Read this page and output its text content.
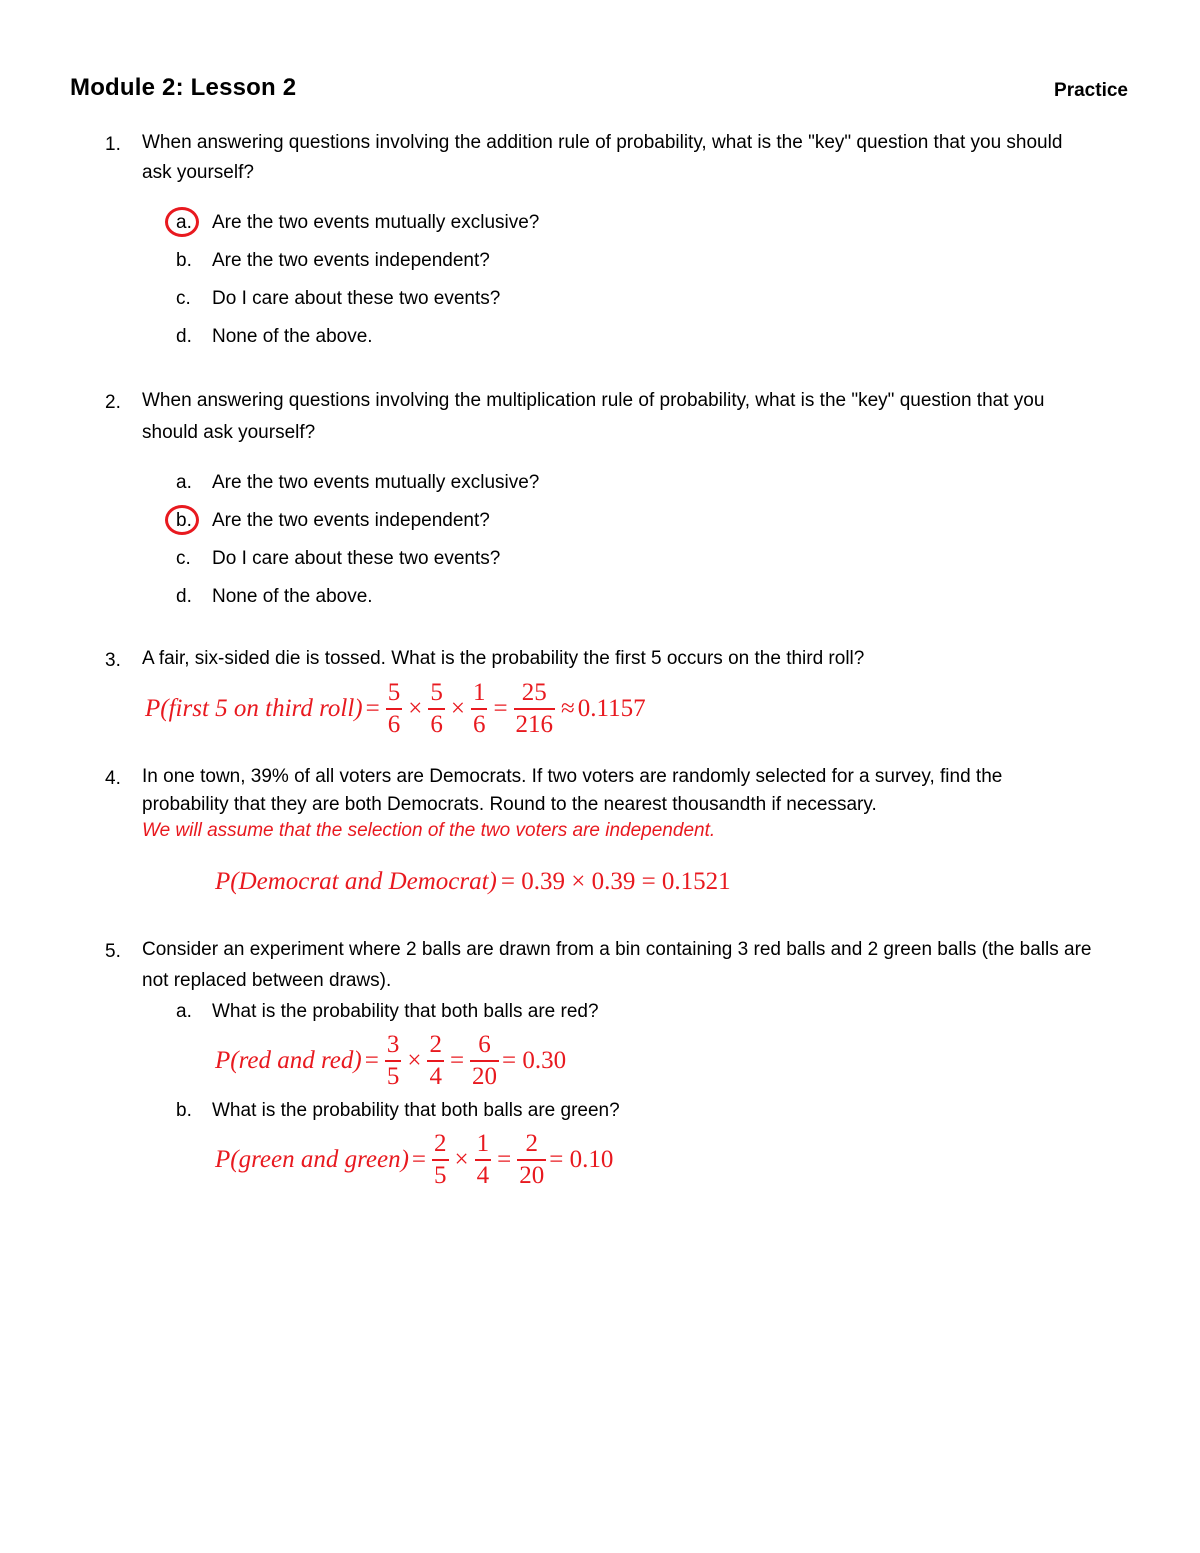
Module 2: Lesson 2	Practice
1. When answering questions involving the addition rule of probability, what is the "key" question that you should
ask yourself?
a. Are the two events mutually exclusive?
b. Are the two events independent?
c. Do I care about these two events?
d. None of the above.
2. When answering questions involving the multiplication rule of probability, what is the "key" question that you
should ask yourself?
a. Are the two events mutually exclusive?
b. Are the two events independent?
c. Do I care about these two events?
d. None of the above.
3. A fair, six-sided die is tossed. What is the probability the first 5 occurs on the third roll?
P(first 5 on third roll) = $\frac{5}{6} \times \frac{5}{6} \times \frac{1}{6} = \frac{25}{216} \approx 0.1157$
4. In one town, 39% of all voters are Democrats. If two voters are randomly selected for a survey, find the
probability that they are both Democrats. Round to the nearest thousandth if necessary.
We will assume that the selection of the two voters are independent.
P(Democrat and Democrat) = 0.39 × 0.39 = 0.1521
5. Consider an experiment where 2 balls are drawn from a bin containing 3 red balls and 2 green balls (the balls are
not replaced between draws).
a. What is the probability that both balls are red?
P(red and $red) = \frac{3}{5} \times \frac{2}{4} = \frac{6}{20} = 0.30$
b. What is the probability that both balls are green?
P(green and green) = $\frac{2}{5} \times \frac{1}{4} = \frac{2}{20} = 0.10$
